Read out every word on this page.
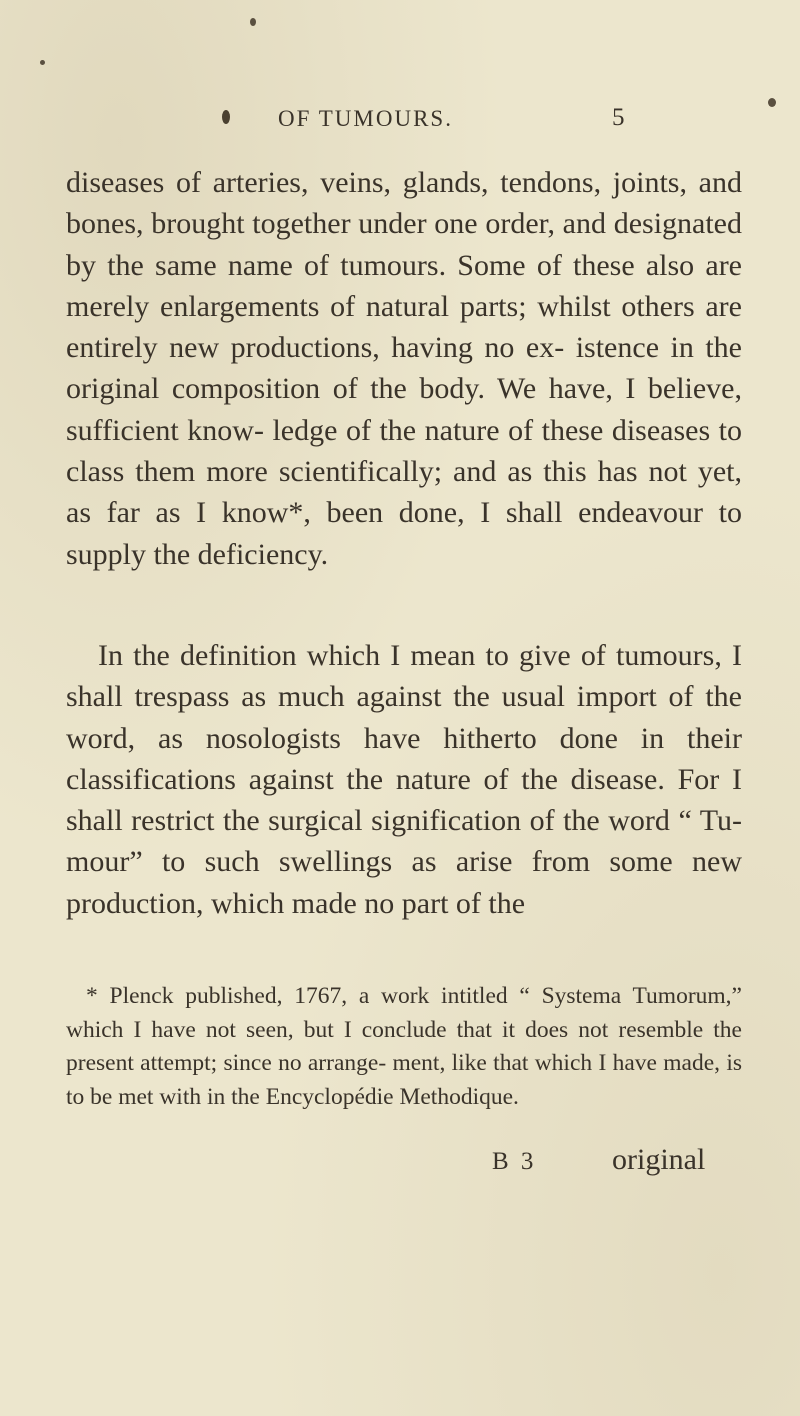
OF TUMOURS.	5
diseases of arteries, veins, glands, tendons, joints, and bones, brought together under one order, and designated by the same name of tumours. Some of these also are merely enlargements of natural parts; whilst others are entirely new productions, having no ex- istence in the original composition of the body. We have, I believe, sufficient know- ledge of the nature of these diseases to class them more scientifically; and as this has not yet, as far as I know*, been done, I shall endeavour to supply the deficiency.
In the definition which I mean to give of tumours, I shall trespass as much against the usual import of the word, as nosologists have hitherto done in their classifications against the nature of the disease. For I shall restrict the surgical signification of the word “ Tu- mour” to such swellings as arise from some new production, which made no part of the
* Plenck published, 1767, a work intitled “ Systema Tumorum,” which I have not seen, but I conclude that it does not resemble the present attempt; since no arrange- ment, like that which I have made, is to be met with in the Encyclopédie Methodique.
B 3	original
